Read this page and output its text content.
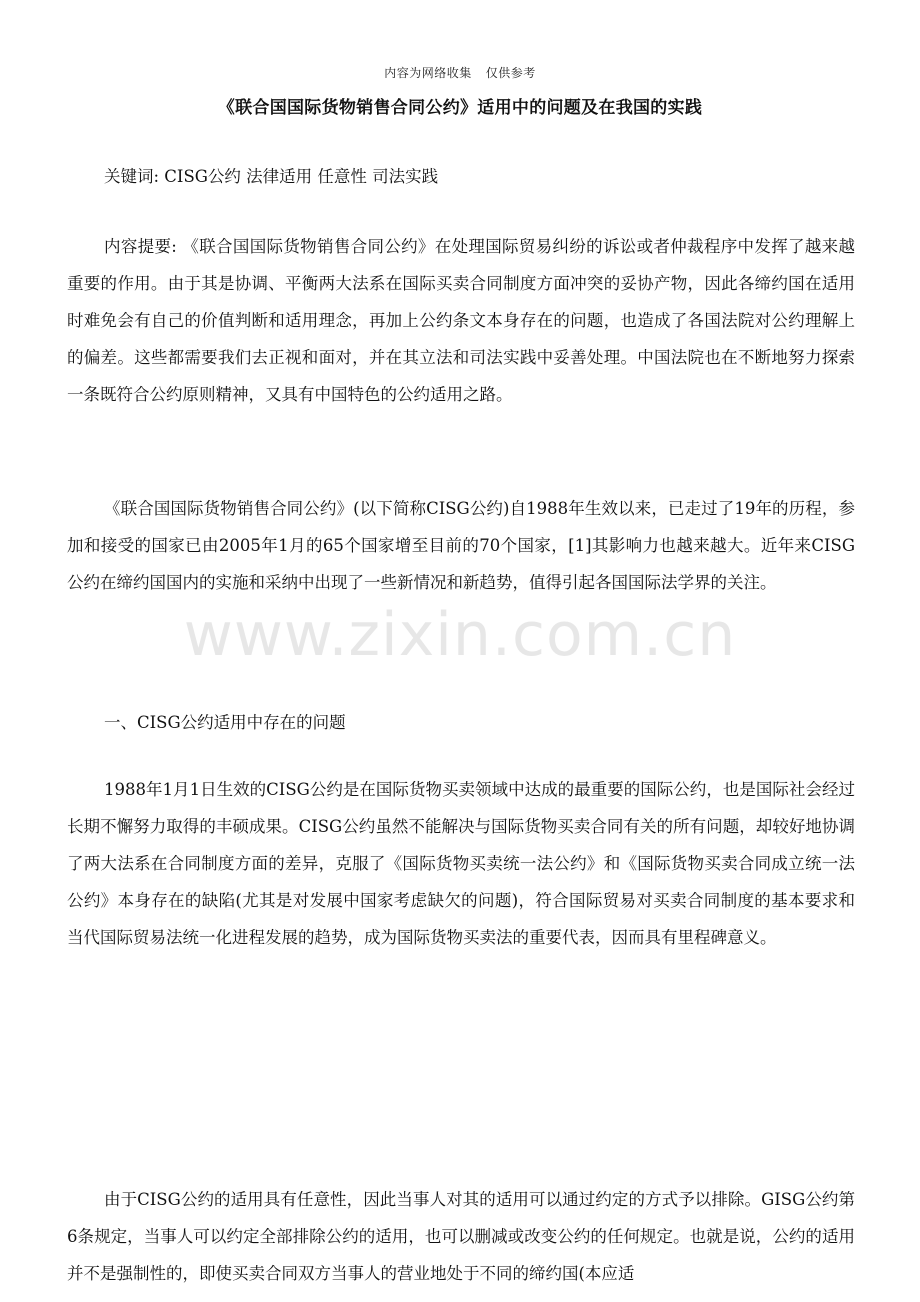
内容为网络收集 仅供参考
《联合国国际货物销售合同公约》适用中的问题及在我国的实践

关键词: CISG公约 法律适用 任意性 司法实践

内容提要: 《联合国国际货物销售合同公约》在处理国际贸易纠纷的诉讼或者仲裁程序中发挥了越来越重要的作用。由于其是协调、平衡两大法系在国际买卖合同制度方面冲突的妥协产物，因此各缔约国在适用时难免会有自己的价值判断和适用理念，再加上公约条文本身存在的问题，也造成了各国法院对公约理解上的偏差。这些都需要我们去正视和面对，并在其立法和司法实践中妥善处理。中国法院也在不断地努力探索一条既符合公约原则精神，又具有中国特色的公约适用之路。

《联合国国际货物销售合同公约》(以下简称CISG公约)自1988年生效以来，已走过了19年的历程，参加和接受的国家已由2005年1月的65个国家增至目前的70个国家，[1]其影响力也越来越大。近年来CISG公约在缔约国国内的实施和采纳中出现了一些新情况和新趋势，值得引起各国国际法学界的关注。

一、CISG公约适用中存在的问题

1988年1月1日生效的CISG公约是在国际货物买卖领域中达成的最重要的国际公约，也是国际社会经过长期不懈努力取得的丰硕成果。CISG公约虽然不能解决与国际货物买卖合同有关的所有问题，却较好地协调了两大法系在合同制度方面的差异，克服了《国际货物买卖统一法公约》和《国际货物买卖合同成立统一法公约》本身存在的缺陷(尤其是对发展中国家考虑缺欠的问题)，符合国际贸易对买卖合同制度的基本要求和当代国际贸易法统一化进程发展的趋势，成为国际货物买卖法的重要代表，因而具有里程碑意义。

由于CISG公约的适用具有任意性，因此当事人对其的适用可以通过约定的方式予以排除。GISG公约第6条规定，当事人可以约定全部排除公约的适用，也可以删减或改变公约的任何规定。也就是说，公约的适用并不是强制性的，即使买卖合同双方当事人的营业地处于不同的缔约国(本应适

www.zixin.com.cn
